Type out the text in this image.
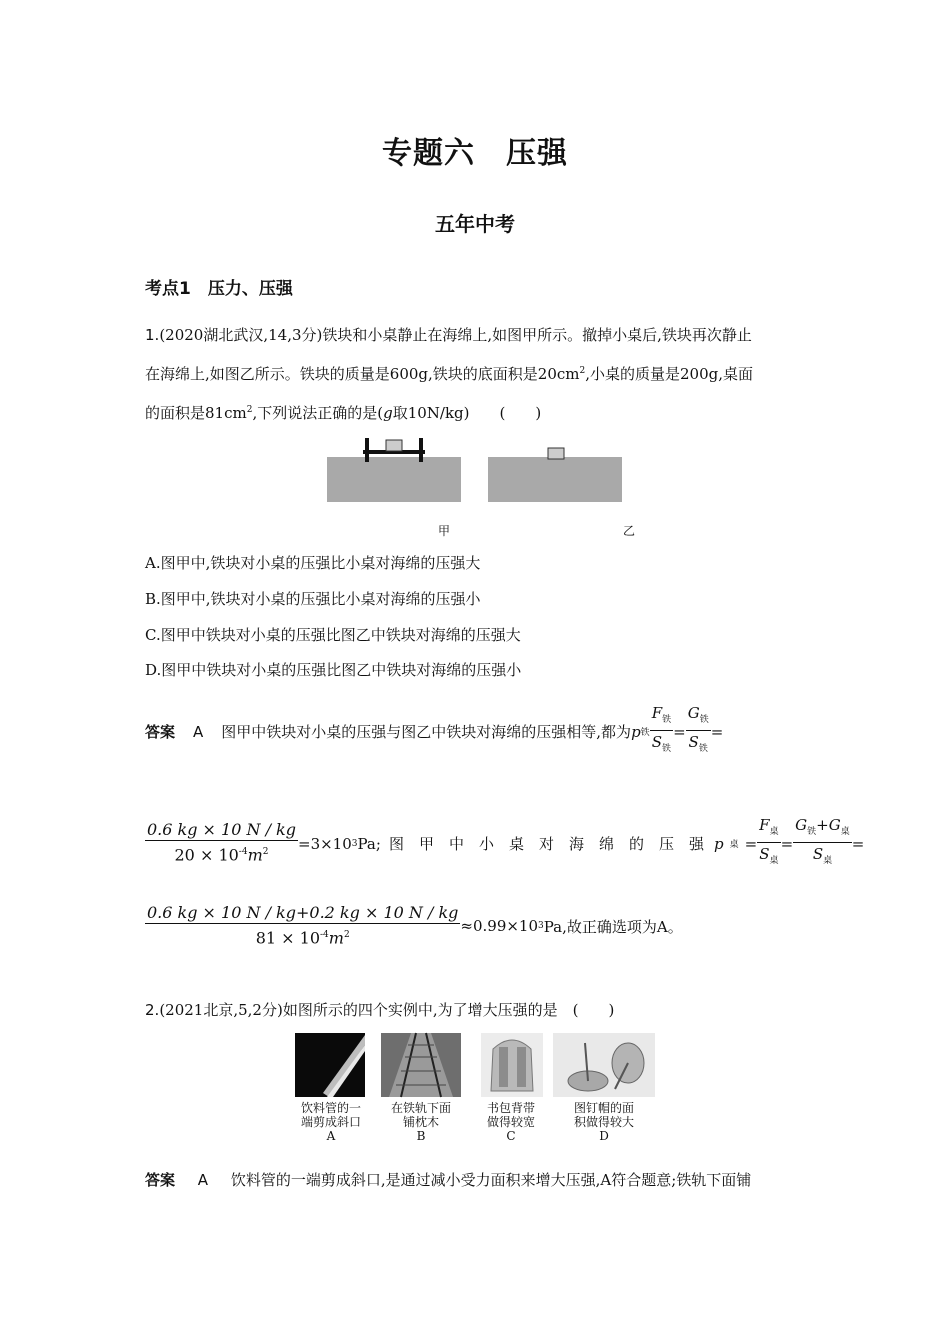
专题六　压强
五年中考
考点1　压力、压强
1.(2020湖北武汉,14,3分)铁块和小桌静止在海绵上,如图甲所示。撤掉小桌后,铁块再次静止
在海绵上,如图乙所示。铁块的质量是600g,铁块的底面积是$20cm^2$,小桌的质量是200g,桌面
的面积是$81cm^2$,下列说法正确的是(g取10N/kg)　　(　　)
甲	乙
A.图甲中,铁块对小桌的压强比小桌对海绵的压强大
B.图甲中,铁块对小桌的压强比小桌对海绵的压强小
C.图甲中铁块对小桌的压强比图乙中铁块对海绵的压强大
D.图甲中铁块对小桌的压强比图乙中铁块对海绵的压强小
答案 A 图甲中铁块对小桌的压强与图乙中铁块对海绵的压强相等,都为 p 铁 $\frac{F_铁}{S_铁} = \frac{G_铁}{S_铁}$ =
$\frac{0.6 kg \times 10 N / kg}{20 \times 10^{-4}m^2} =3\times 10$ 3 Pa; 图　甲　中　小　桌　对　海　绵　的　压　强 p 桌 = $\frac{F_桌}{S_桌} = \frac{G_铁+G_桌}{S_桌}$ =
$\frac{0.6 kg \times 10 N / kg+0.2 kg \times 10 N / kg}{81 \times 10^{-4}m^2} \approx 0.99\times 10$ 3 Pa,故正确选项为A。
2.(2021北京,5,2分)如图所示的四个实例中,为了增大压强的是　(　　)
饮料管的一
端剪成斜口
A
在铁轨下面
铺枕木
B
书包背带
做得较宽
C
图钉帽的面
积做得较大
D
答案 A 饮料管的一端剪成斜口,是通过减小受力面积来增大压强,A符合题意;铁轨下面铺
